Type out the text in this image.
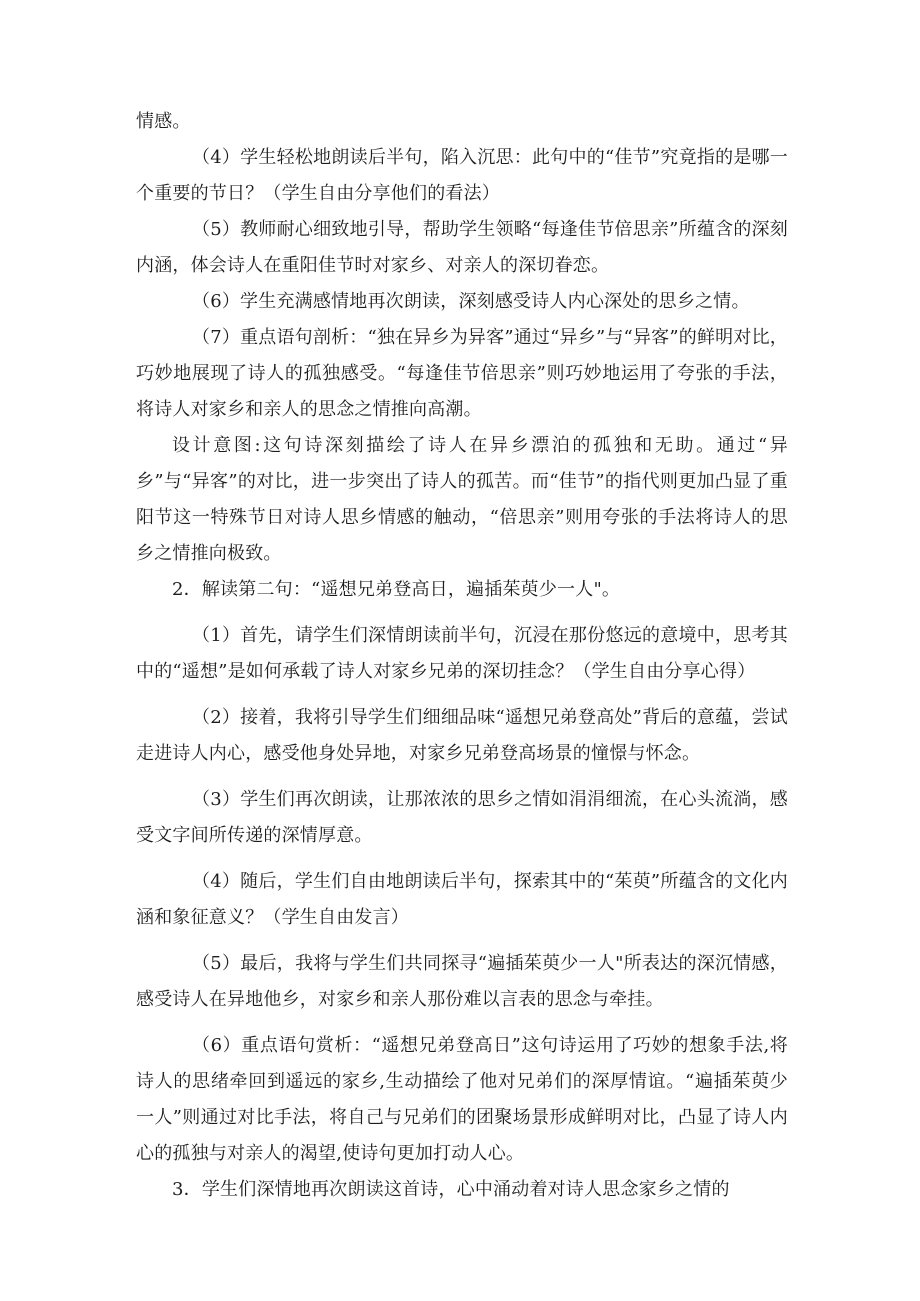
情感。

（4）学生轻松地朗读后半句，陷入沉思：此句中的“佳节”究竟指的是哪一个重要的节日？（学生自由分享他们的看法）

（5）教师耐心细致地引导，帮助学生领略“每逢佳节倍思亲”所蕴含的深刻内涵，体会诗人在重阳佳节时对家乡、对亲人的深切眷恋。

（6）学生充满感情地再次朗读，深刻感受诗人内心深处的思乡之情。

（7）重点语句剖析：“独在异乡为异客”通过“异乡”与“异客”的鲜明对比，巧妙地展现了诗人的孤独感受。“每逢佳节倍思亲”则巧妙地运用了夸张的手法，将诗人对家乡和亲人的思念之情推向高潮。

设计意图:这句诗深刻描绘了诗人在异乡漂泊的孤独和无助。通过“异乡”与“异客”的对比，进一步突出了诗人的孤苦。而“佳节”的指代则更加凸显了重阳节这一特殊节日对诗人思乡情感的触动，“倍思亲”则用夸张的手法将诗人的思乡之情推向极致。

2．解读第二句：“遥想兄弟登高日，遍插茱萸少一人"。

（1）首先，请学生们深情朗读前半句，沉浸在那份悠远的意境中，思考其中的“遥想”是如何承载了诗人对家乡兄弟的深切挂念？（学生自由分享心得）

（2）接着，我将引导学生们细细品味“遥想兄弟登高处”背后的意蕴，尝试走进诗人内心，感受他身处异地，对家乡兄弟登高场景的憧憬与怀念。

（3）学生们再次朗读，让那浓浓的思乡之情如涓涓细流，在心头流淌，感受文字间所传递的深情厚意。

（4）随后，学生们自由地朗读后半句，探索其中的“茱萸”所蕴含的文化内涵和象征意义？（学生自由发言）

（5）最后，我将与学生们共同探寻“遍插茱萸少一人"所表达的深沉情感，感受诗人在异地他乡，对家乡和亲人那份难以言表的思念与牵挂。

（6）重点语句赏析：“遥想兄弟登高日”这句诗运用了巧妙的想象手法,将诗人的思绪牵回到遥远的家乡,生动描绘了他对兄弟们的深厚情谊。“遍插茱萸少一人”则通过对比手法，将自己与兄弟们的团聚场景形成鲜明对比，凸显了诗人内心的孤独与对亲人的渴望,使诗句更加打动人心。

3．学生们深情地再次朗读这首诗，心中涌动着对诗人思念家乡之情的
